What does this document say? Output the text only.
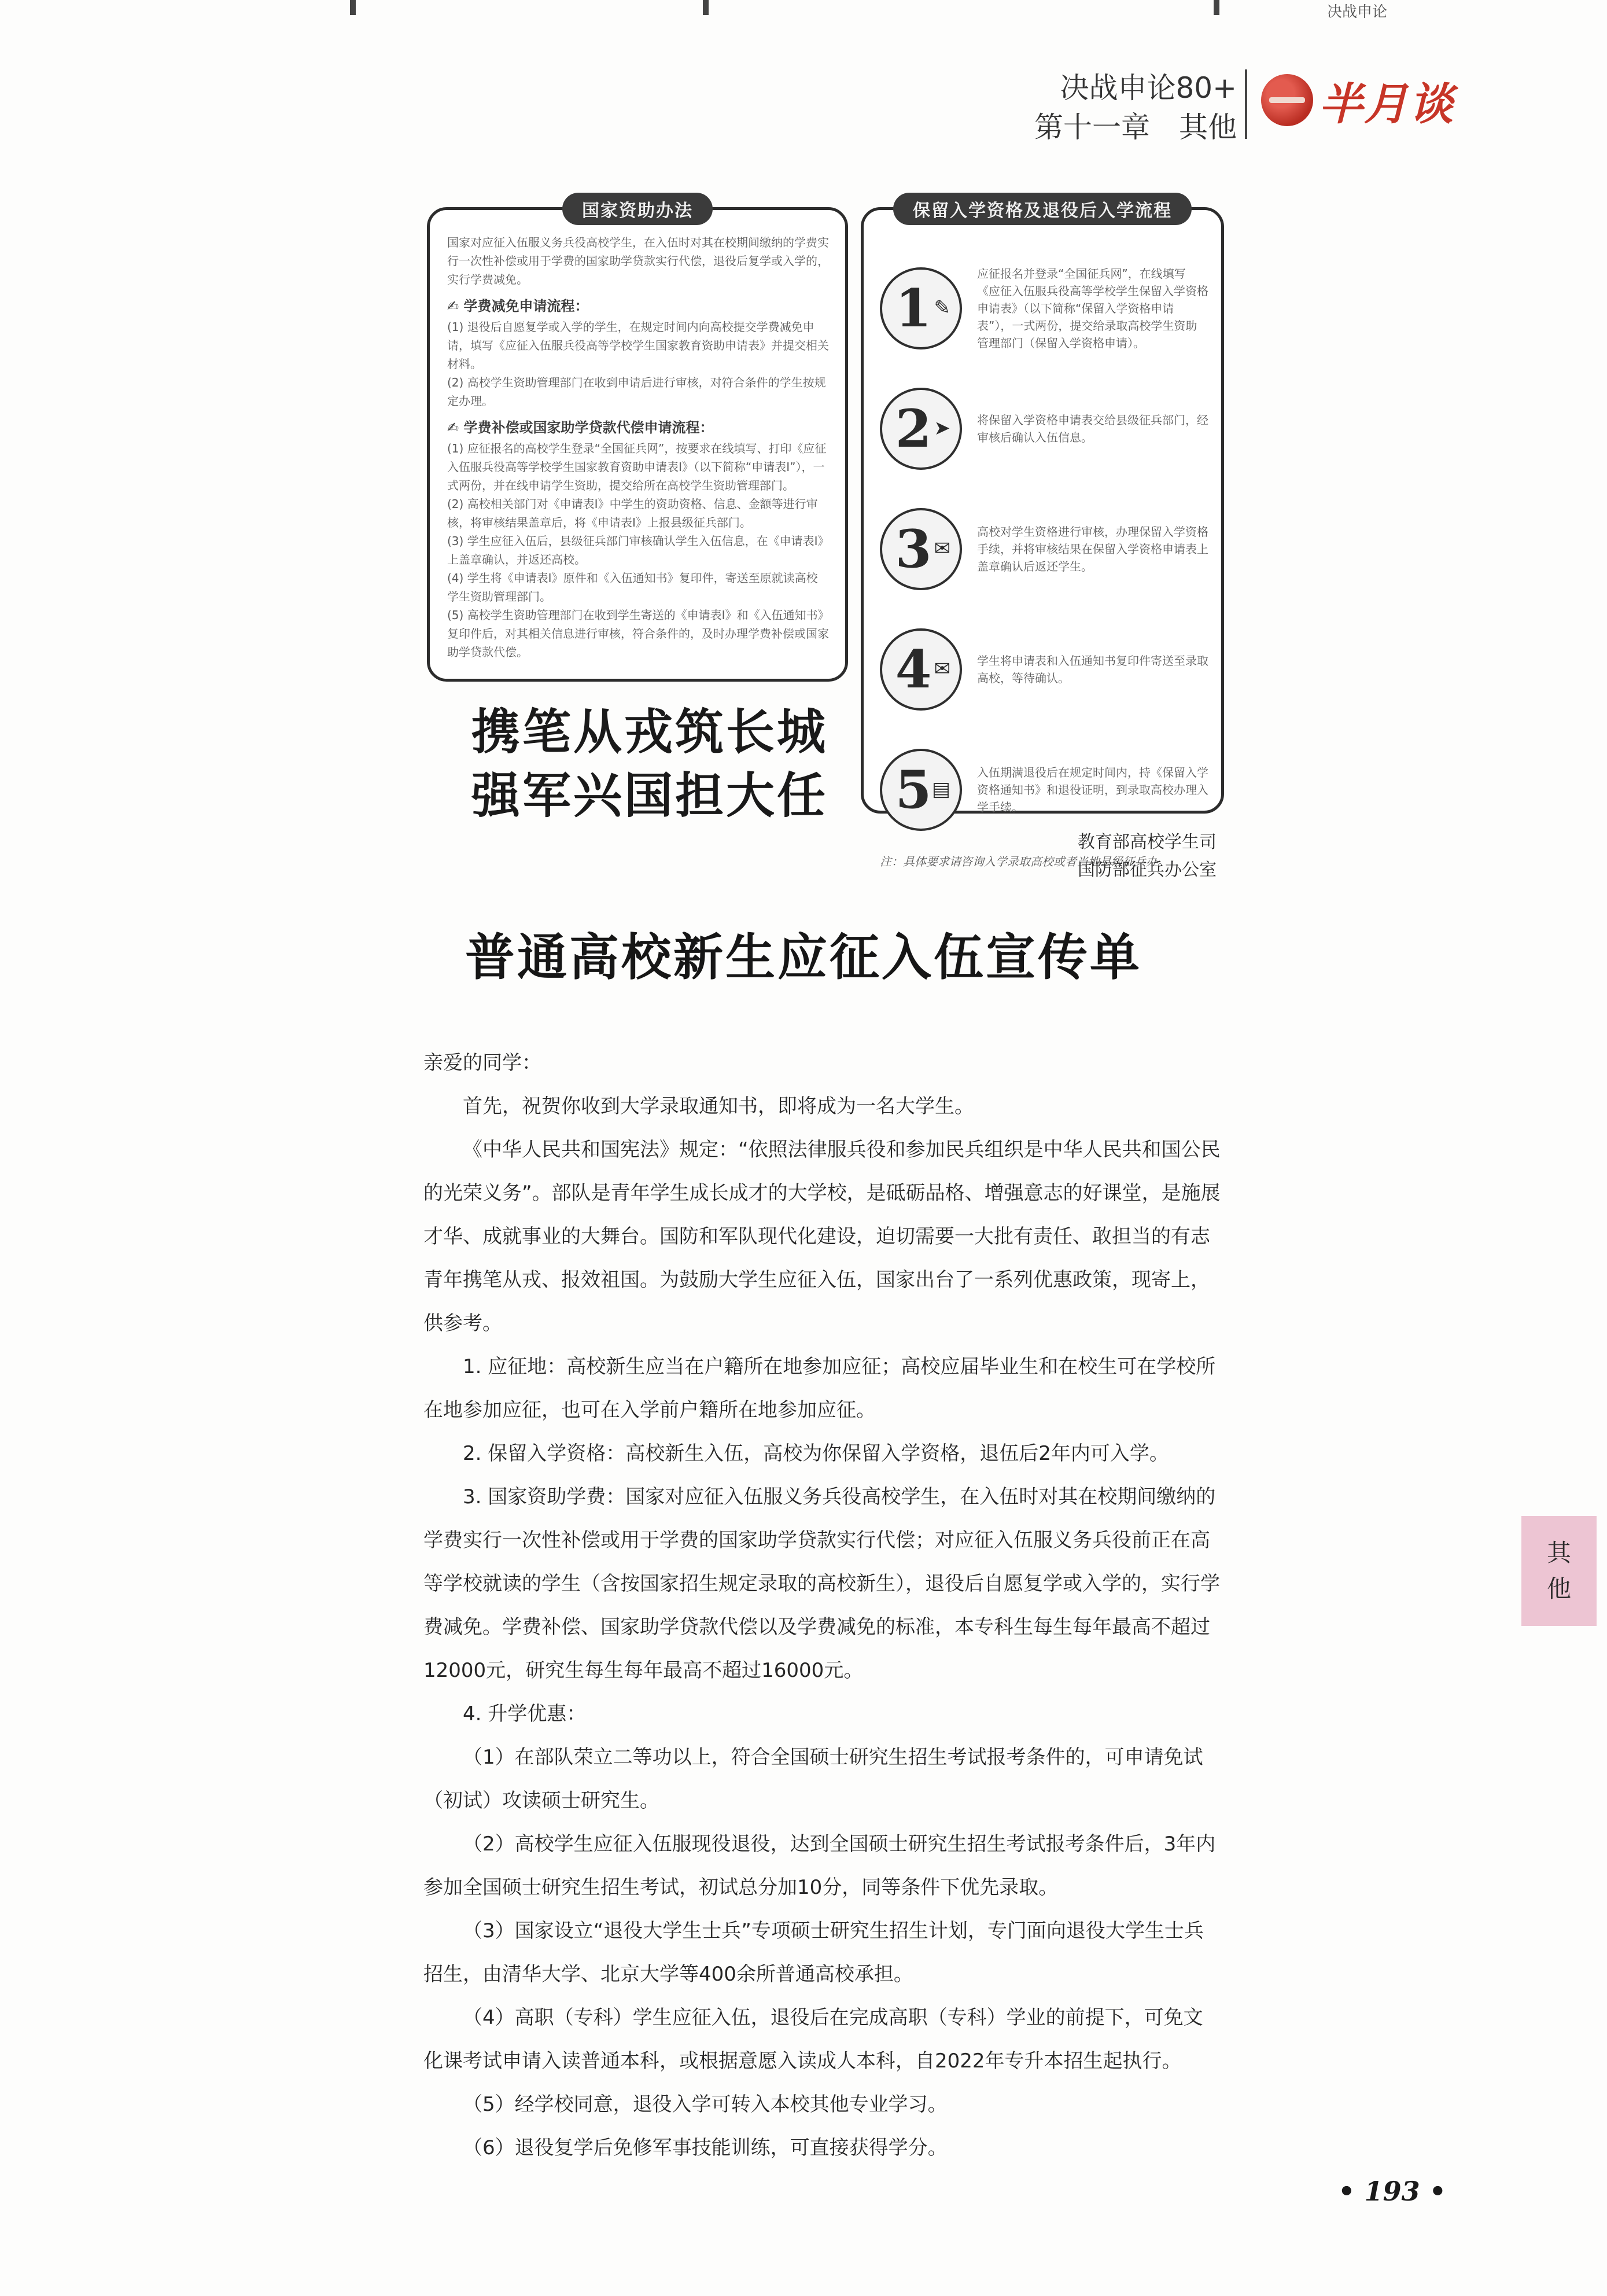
决战申论
决战申论80+
第十一章　其他 半月谈
国家资助办法
国家对应征入伍服义务兵役高校学生，在入伍时对其在校期间缴纳的学费实行一次性补偿或用于学费的国家助学贷款实行代偿，退役后复学或入学的，实行学费减免。
✍ 学费减免申请流程：
(1) 退役后自愿复学或入学的学生，在规定时间内向高校提交学费减免申请，填写《应征入伍服兵役高等学校学生国家教育资助申请表》并提交相关材料。
(2) 高校学生资助管理部门在收到申请后进行审核，对符合条件的学生按规定办理。
✍ 学费补偿或国家助学贷款代偿申请流程：
(1) 应征报名的高校学生登录“全国征兵网”，按要求在线填写、打印《应征入伍服兵役高等学校学生国家教育资助申请表Ⅰ》（以下简称“申请表Ⅰ”），一式两份，并在线申请学生资助，提交给所在高校学生资助管理部门。
(2) 高校相关部门对《申请表Ⅰ》中学生的资助资格、信息、金额等进行审核，将审核结果盖章后，将《申请表Ⅰ》上报县级征兵部门。
(3) 学生应征入伍后，县级征兵部门审核确认学生入伍信息，在《申请表Ⅰ》上盖章确认，并返还高校。
(4) 学生将《申请表Ⅰ》原件和《入伍通知书》复印件，寄送至原就读高校学生资助管理部门。
(5) 高校学生资助管理部门在收到学生寄送的《申请表Ⅰ》和《入伍通知书》复印件后，对其相关信息进行审核，符合条件的，及时办理学费补偿或国家助学贷款代偿。
保留入学资格及退役后入学流程
1 ✎
应征报名并登录“全国征兵网”，在线填写《应征入伍服兵役高等学校学生保留入学资格申请表》（以下简称“保留入学资格申请表”），一式两份，提交给录取高校学生资助管理部门（保留入学资格申请）。
2 ➤ 将保留入学资格申请表交给县级征兵部门，经审核后确认入伍信息。
3 ✉
高校对学生资格进行审核，办理保留入学资格手续，并将审核结果在保留入学资格申请表上盖章确认后返还学生。
4 ✉ 学生将申请表和入伍通知书复印件寄送至录取高校，等待确认。
5 ▤
入伍期满退役后在规定时间内，持《保留入学资格通知书》和退役证明，到录取高校办理入学手续。
注：具体要求请咨询入学录取高校或者当地县级征兵办。
携笔从戎筑长城
强军兴国担大任
教育部高校学生司
国防部征兵办公室
普通高校新生应征入伍宣传单

亲爱的同学：

首先，祝贺你收到大学录取通知书，即将成为一名大学生。

《中华人民共和国宪法》规定：“依照法律服兵役和参加民兵组织是中华人民共和国公民的光荣义务”。部队是青年学生成长成才的大学校，是砥砺品格、增强意志的好课堂，是施展才华、成就事业的大舞台。国防和军队现代化建设，迫切需要一大批有责任、敢担当的有志青年携笔从戎、报效祖国。为鼓励大学生应征入伍，国家出台了一系列优惠政策，现寄上，供参考。

1. 应征地：高校新生应当在户籍所在地参加应征；高校应届毕业生和在校生可在学校所在地参加应征，也可在入学前户籍所在地参加应征。

2. 保留入学资格：高校新生入伍，高校为你保留入学资格，退伍后2年内可入学。

3. 国家资助学费：国家对应征入伍服义务兵役高校学生，在入伍时对其在校期间缴纳的学费实行一次性补偿或用于学费的国家助学贷款实行代偿；对应征入伍服义务兵役前正在高等学校就读的学生（含按国家招生规定录取的高校新生），退役后自愿复学或入学的，实行学费减免。学费补偿、国家助学贷款代偿以及学费减免的标准，本专科生每生每年最高不超过12000元，研究生每生每年最高不超过16000元。

4. 升学优惠：

（1）在部队荣立二等功以上，符合全国硕士研究生招生考试报考条件的，可申请免试（初试）攻读硕士研究生。

（2）高校学生应征入伍服现役退役，达到全国硕士研究生招生考试报考条件后，3年内参加全国硕士研究生招生考试，初试总分加10分，同等条件下优先录取。

（3）国家设立“退役大学生士兵”专项硕士研究生招生计划，专门面向退役大学生士兵招生，由清华大学、北京大学等400余所普通高校承担。

（4）高职（专科）学生应征入伍，退役后在完成高职（专科）学业的前提下，可免文化课考试申请入读普通本科，或根据意愿入读成人本科，自2022年专升本招生起执行。

（5）经学校同意，退役入学可转入本校其他专业学习。

（6）退役复学后免修军事技能训练，可直接获得学分。

其
他
• 193 •
